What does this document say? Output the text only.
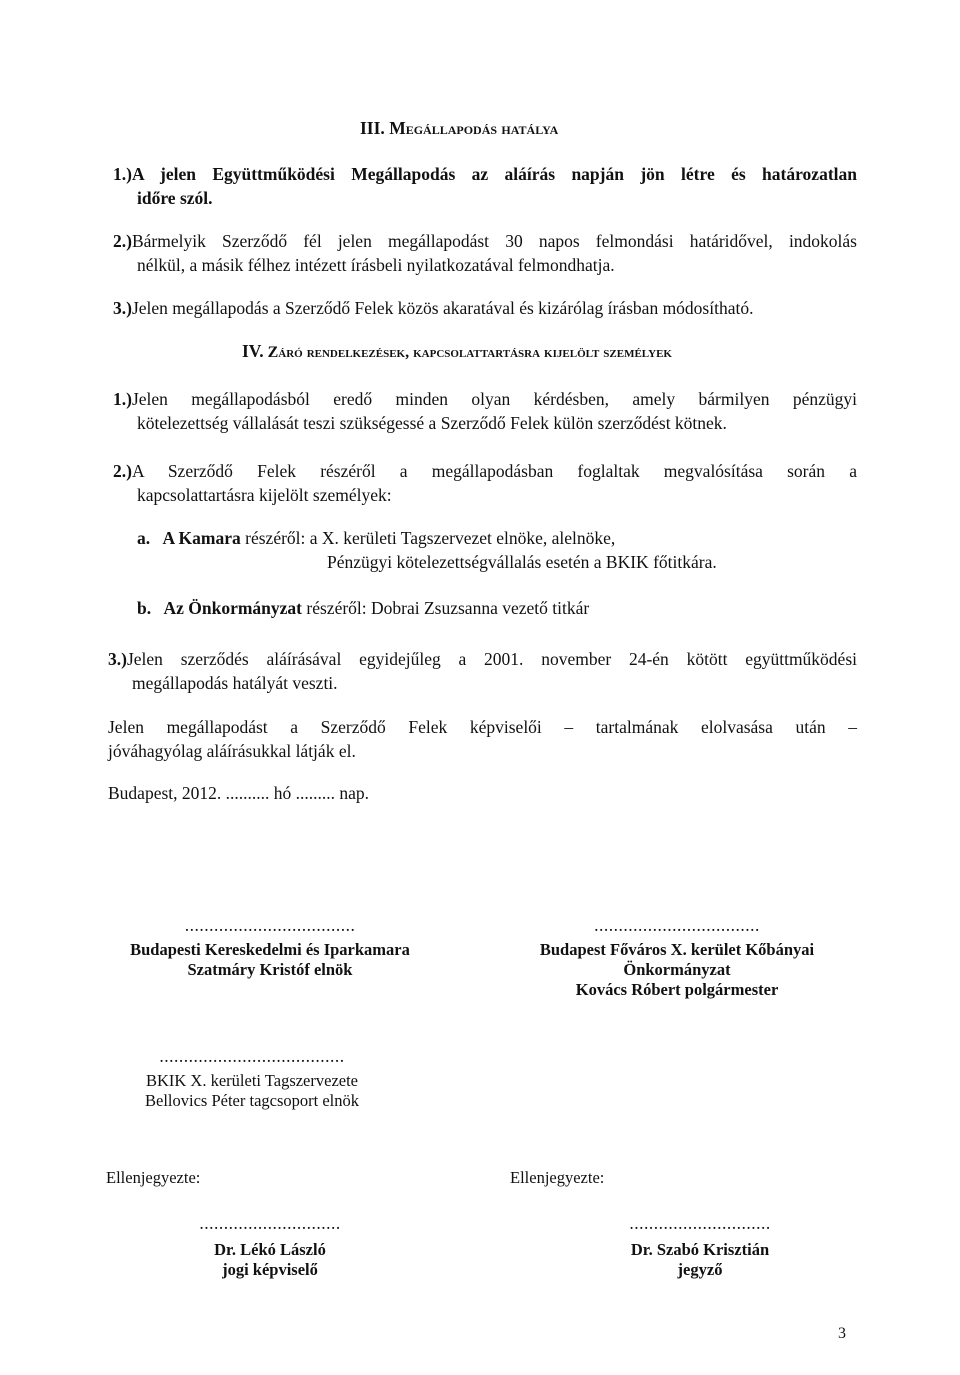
III. Megállapodás hatálya

1.)A jelen Együttműködési Megállapodás az aláírás napján jön létre és határozatlan

időre szól.

2.)Bármelyik Szerződő fél jelen megállapodást 30 napos felmondási határidővel, indokolás

nélkül, a másik félhez intézett írásbeli nyilatkozatával felmondhatja.

3.)Jelen megállapodás a Szerződő Felek közös akaratával és kizárólag írásban módosítható.

IV. Záró rendelkezések, kapcsolattartásra kijelölt személyek

1.)Jelen megállapodásból eredő minden olyan kérdésben, amely bármilyen pénzügyi

kötelezettség vállalását teszi szükségessé a Szerződő Felek külön szerződést kötnek.

2.)A Szerződő Felek részéről a megállapodásban foglaltak megvalósítása során a

kapcsolattartásra kijelölt személyek:

a. A Kamara részéről: a X. kerületi Tagszervezet elnöke, alelnöke,
Pénzügyi kötelezettségvállalás esetén a BKIK főtitkára.
b. Az Önkormányzat részéről: Dobrai Zsuzsanna vezető titkár

3.)Jelen szerződés aláírásával egyidejűleg a 2001. november 24-én kötött együttműködési

megállapodás hatályát veszti.

Jelen megállapodást a Szerződő Felek képviselői – tartalmának elolvasása után –

jóváhagyólag aláírásukkal látják el.

Budapest, 2012. .......... hó ......... nap.
...................................
Budapesti Kereskedelmi és Iparkamara
Szatmáry Kristóf elnök
..................................
Budapest Főváros X. kerület Kőbányai
Önkormányzat
Kovács Róbert polgármester
......................................
BKIK X. kerületi Tagszervezete
Bellovics Péter tagcsoport elnök
Ellenjegyezte:	Ellenjegyezte:
.............................
Dr. Lékó László
jogi képviselő
.............................
Dr. Szabó Krisztián
jegyző
3
